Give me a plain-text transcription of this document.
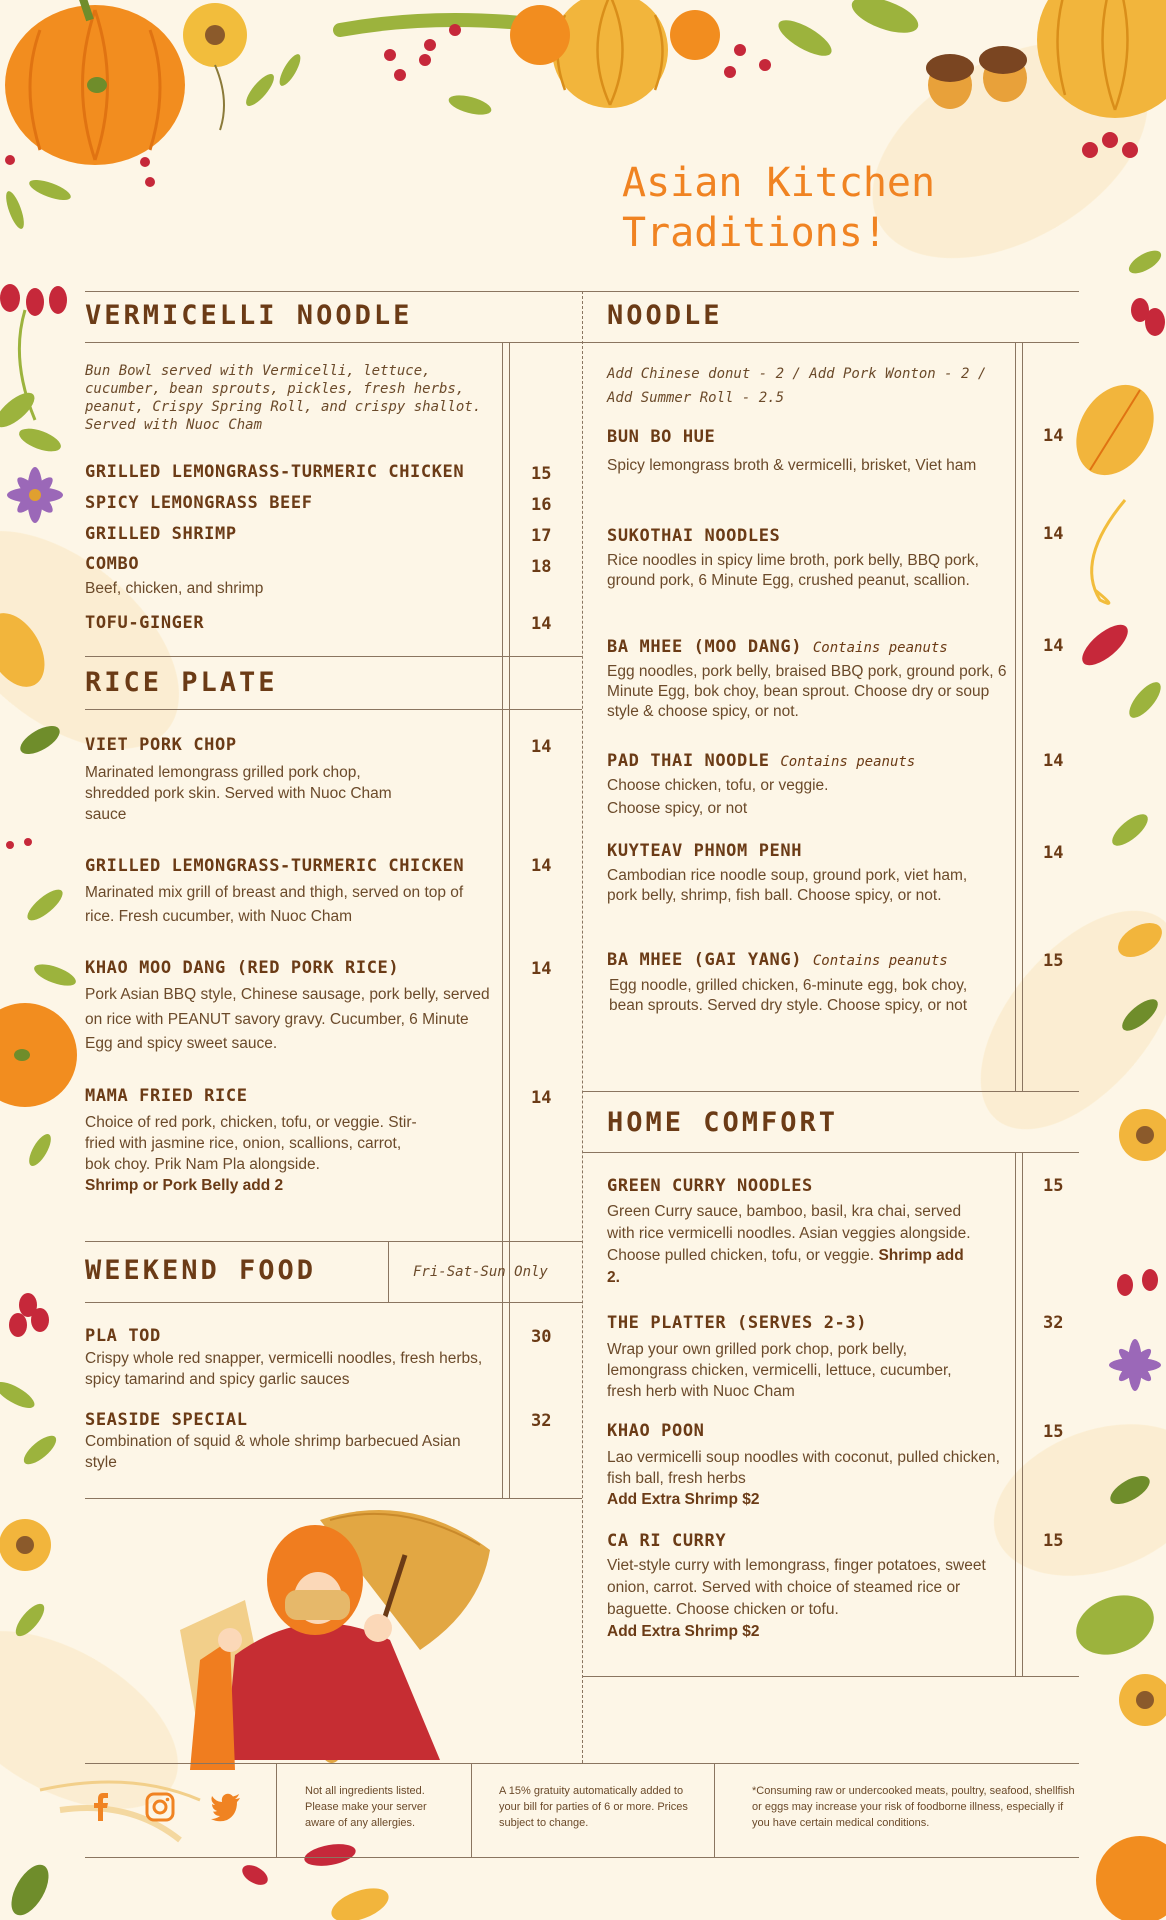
Asian Kitchen
Traditions!
VERMICELLI NOODLE
Bun Bowl served with Vermicelli, lettuce, cucumber, bean sprouts, pickles, fresh herbs, peanut, Crispy Spring Roll, and crispy shallot. Served with Nuoc Cham
GRILLED LEMONGRASS-TURMERIC CHICKEN	15
SPICY LEMONGRASS BEEF	16
GRILLED SHRIMP	17
COMBO	18
Beef, chicken, and shrimp
TOFU-GINGER	14
RICE PLATE
VIET PORK CHOP	14
Marinated lemongrass grilled pork chop, shredded pork skin. Served with Nuoc Cham sauce
GRILLED LEMONGRASS-TURMERIC CHICKEN	14
Marinated mix grill of breast and thigh, served on top of rice. Fresh cucumber, with Nuoc Cham
KHAO MOO DANG (RED PORK RICE)	14
Pork Asian BBQ style, Chinese sausage, pork belly, served on rice with PEANUT savory gravy. Cucumber, 6 Minute Egg and spicy sweet sauce.
MAMA FRIED RICE	14
Choice of red pork, chicken, tofu, or veggie. Stir-fried with jasmine rice, onion, scallions, carrot, bok choy. Prik Nam Pla alongside.
Shrimp or Pork Belly add 2
WEEKEND FOOD	Fri-Sat-Sun Only
PLA TOD	30
Crispy whole red snapper, vermicelli noodles, fresh herbs, spicy tamarind and spicy garlic sauces
SEASIDE SPECIAL	32
Combination of squid & whole shrimp barbecued Asian style
NOODLE
Add Chinese donut - 2 / Add Pork Wonton - 2 / Add Summer Roll - 2.5
BUN BO HUE	14
Spicy lemongrass broth & vermicelli, brisket, Viet ham
SUKOTHAI NOODLES	14
Rice noodles in spicy lime broth, pork belly, BBQ pork, ground pork, 6 Minute Egg, crushed peanut, scallion.
BA MHEE (MOO DANG) Contains peanuts	14
Egg noodles, pork belly, braised BBQ pork, ground pork, 6 Minute Egg, bok choy, bean sprout. Choose dry or soup style & choose spicy, or not.
PAD THAI NOODLE Contains peanuts	14
Choose chicken, tofu, or veggie.
Choose spicy, or not
KUYTEAV PHNOM PENH	14
Cambodian rice noodle soup, ground pork, viet ham, pork belly, shrimp, fish ball. Choose spicy, or not.
BA MHEE (GAI YANG) Contains peanuts	15
Egg noodle, grilled chicken, 6-minute egg, bok choy, bean sprouts. Served dry style. Choose spicy, or not
HOME COMFORT
GREEN CURRY NOODLES	15
Green Curry sauce, bamboo, basil, kra chai, served with rice vermicelli noodles. Asian veggies alongside. Choose pulled chicken, tofu, or veggie. Shrimp add 2.
THE PLATTER (SERVES 2-3)	32
Wrap your own grilled pork chop, pork belly, lemongrass chicken, vermicelli, lettuce, cucumber, fresh herb with Nuoc Cham
KHAO POON	15
Lao vermicelli soup noodles with coconut, pulled chicken, fish ball, fresh herbs
Add Extra Shrimp $2
CA RI CURRY	15
Viet-style curry with lemongrass, finger potatoes, sweet onion, carrot. Served with choice of steamed rice or baguette. Choose chicken or tofu.
Add Extra Shrimp $2
Not all ingredients listed. Please make your server aware of any allergies.
A 15% gratuity automatically added to your bill for parties of 6 or more. Prices subject to change.
*Consuming raw or undercooked meats, poultry, seafood, shellfish or eggs may increase your risk of foodborne illness, especially if you have certain medical conditions.
